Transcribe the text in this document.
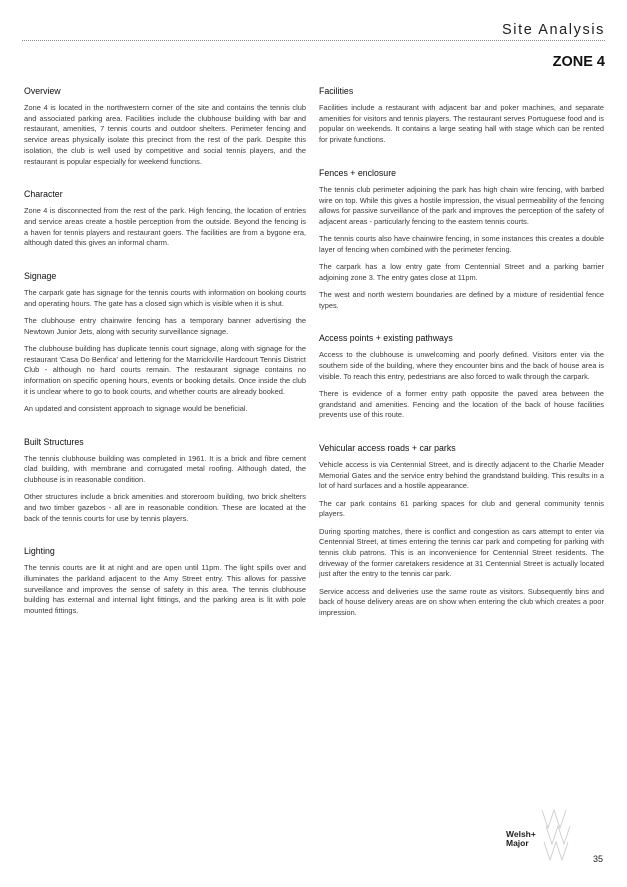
Site Analysis
ZONE 4
Overview

Zone 4 is located in the northwestern corner of the site and contains the tennis club and associated parking area. Facilities include the clubhouse building with bar and restaurant, amenities, 7 tennis courts and outdoor shelters. Perimeter fencing and service areas physically isolate this precinct from the rest of the park. Despite this isolation, the club is well used by competitive and social tennis players, and the restaurant is popular especially for weekend functions.

Character

Zone 4 is disconnected from the rest of the park. High fencing, the location of entries and service areas create a hostile perception from the outside. Beyond the fencing is a haven for tennis players and restaurant goers. The facilities are from a bygone era, although dated this gives an informal charm.

Signage

The carpark gate has signage for the tennis courts with information on booking courts and operating hours. The gate has a closed sign which is visible when it is shut.

The clubhouse entry chainwire fencing has a temporary banner advertising the Newtown Junior Jets, along with security surveillance signage.

The clubhouse building has duplicate tennis court signage, along with signage for the restaurant 'Casa Do Benfica' and lettering for the Marrickville Hardcourt Tennis District Club - although no hard courts remain. The restaurant signage contains no information on specific opening hours, events or booking details. Once inside the club it is unclear where to go to book courts, and whether courts are already booked.

An updated and consistent approach to signage would be beneficial.

Built Structures

The tennis clubhouse building was completed in 1961. It is a brick and fibre cement clad building, with membrane and corrugated metal roofing. Although dated, the clubhouse is in reasonable condition.

Other structures include a brick amenities and storeroom building, two brick shelters and two timber gazebos - all are in reasonable condition. These are located at the back of the tennis courts for use by tennis players.

Lighting

The tennis courts are lit at night and are open until 11pm. The light spills over and illuminates the parkland adjacent to the Amy Street entry. This allows for passive surveillance and improves the sense of safety in this area. The tennis clubhouse building has external and internal light fittings, and the parking area is lit with pole mounted fittings.

Facilities

Facilities include a restaurant with adjacent bar and poker machines, and separate amenities for visitors and tennis players. The restaurant serves Portuguese food and is popular on weekends. It contains a large seating hall with stage which can be rented for private functions.

Fences + enclosure

The tennis club perimeter adjoining the park has high chain wire fencing, with barbed wire on top. While this gives a hostile impression, the visual permeability of the fencing allows for passive surveillance of the park and improves the perception of the safety of adjacent areas - particularly fencing to the eastern tennis courts.

The tennis courts also have chainwire fencing, in some instances this creates a double layer of fencing when combined with the perimeter fencing.

The carpark has a low entry gate from Centennial Street and a parking barrier adjoining zone 3. The entry gates close at 11pm.

The west and north western boundaries are defined by a mixture of residential fence types.

Access points + existing pathways

Access to the clubhouse is unwelcoming and poorly defined. Visitors enter via the southern side of the building, where they encounter bins and the back of house area is visible. To reach this entry, pedestrians are also forced to walk through the carpark.

There is evidence of a former entry path opposite the paved area between the grandstand and amenities. Fencing and the location of the back of house facilities prevents use of this route.

Vehicular access roads + car parks

Vehicle access is via Centennial Street, and is directly adjacent to the Charlie Meader Memorial Gates and the service entry behind the grandstand building. This results in a lot of hard surfaces and a hostile appearance.

The car park contains 61 parking spaces for club and general community tennis players.

During sporting matches, there is conflict and congestion as cars attempt to enter via Centennial Street, at times entering the tennis car park and competing for parking with tennis club patrons. This is an inconvenience for Centennial Street residents. The driveway of the former caretakers residence at 31 Centennial Street is actually located just after the entry to the tennis car park.

Service access and deliveries use the same route as visitors. Subsequently bins and back of house delivery areas are on show when entering the club which creates a poor impression.

Welsh+
Major
35
